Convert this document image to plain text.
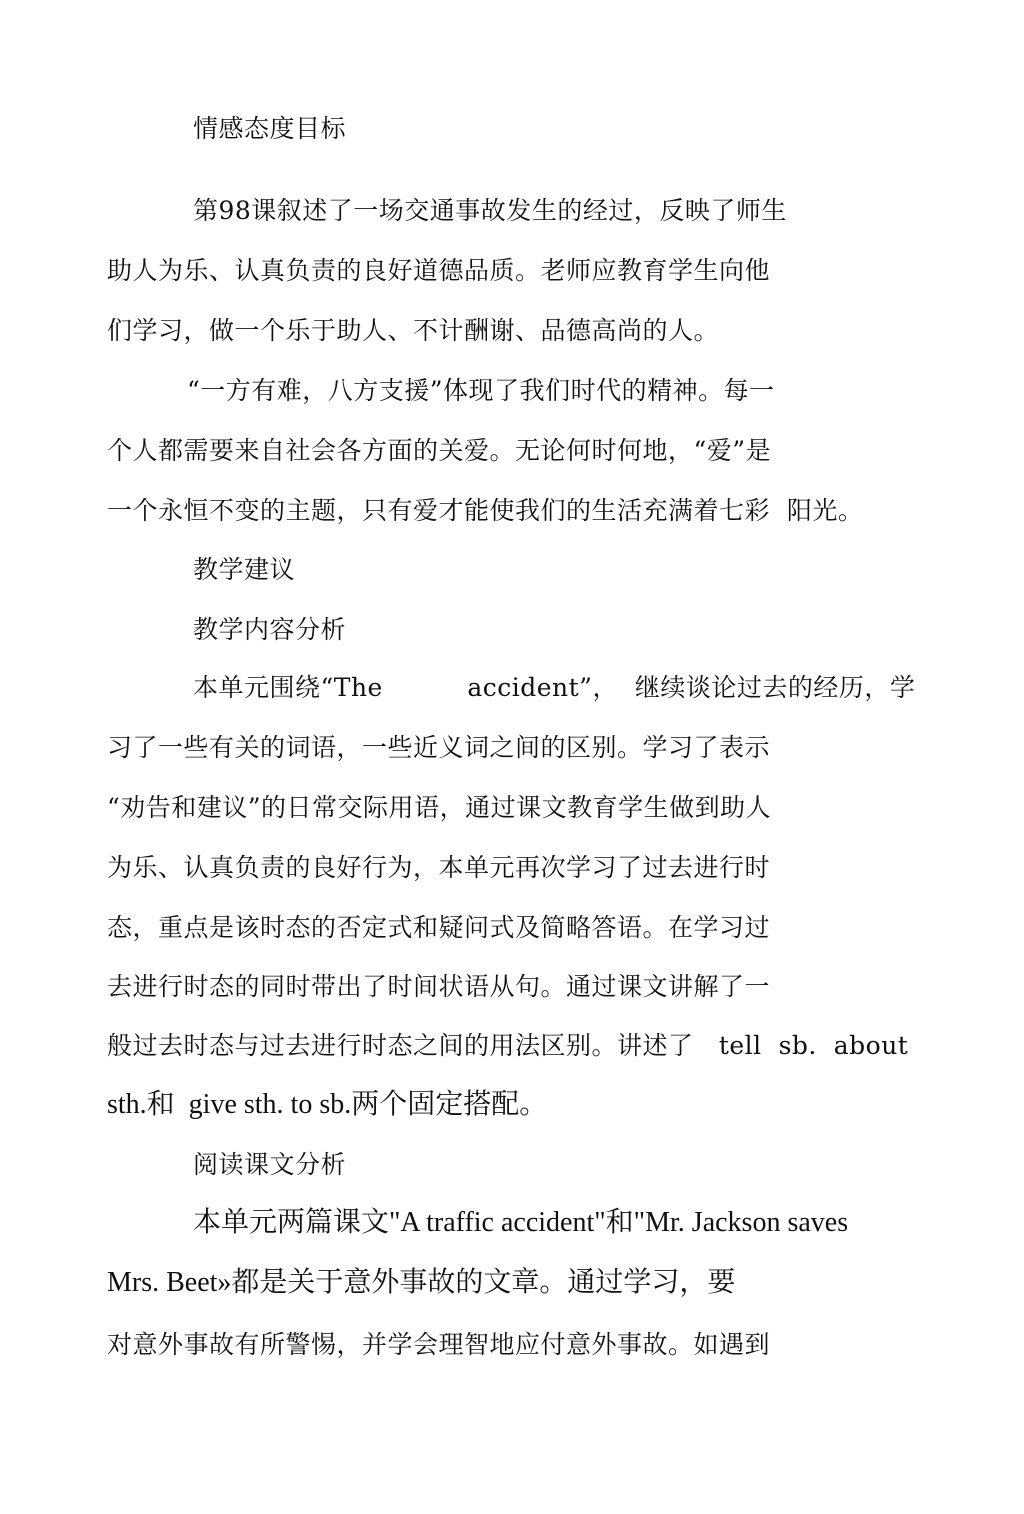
情感态度目标
第98课叙述了一场交通事故发生的经过，反映了师生
助人为乐、认真负责的良好道德品质。老师应教育学生向他
们学习，做一个乐于助人、不计酬谢、品德高尚的人。
“一方有难，八方支援”体现了我们时代的精神。每一
个人都需要来自社会各方面的关爱。无论何时何地，“爱”是
一个永恒不变的主题，只有爱才能使我们的生活充满着七彩  阳光。
教学建议
教学内容分析
本单元围绕“The          accident”，  继续谈论过去的经历，学
习了一些有关的词语，一些近义词之间的区别。学习了表示
“劝告和建议”的日常交际用语，通过课文教育学生做到助人
为乐、认真负责的良好行为，本单元再次学习了过去进行时
态，重点是该时态的否定式和疑问式及简略答语。在学习过
去进行时态的同时带出了时间状语从句。通过课文讲解了一
般过去时态与过去进行时态之间的用法区别。讲述了   tell  sb.  about
sth.和  give sth. to sb.两个固定搭配。
阅读课文分析
本单元两篇课文"A traffic accident"和"Mr. Jackson saves
Mrs. Beet»都是关于意外事故的文章。通过学习，要
对意外事故有所警惕，并学会理智地应付意外事故。如遇到
